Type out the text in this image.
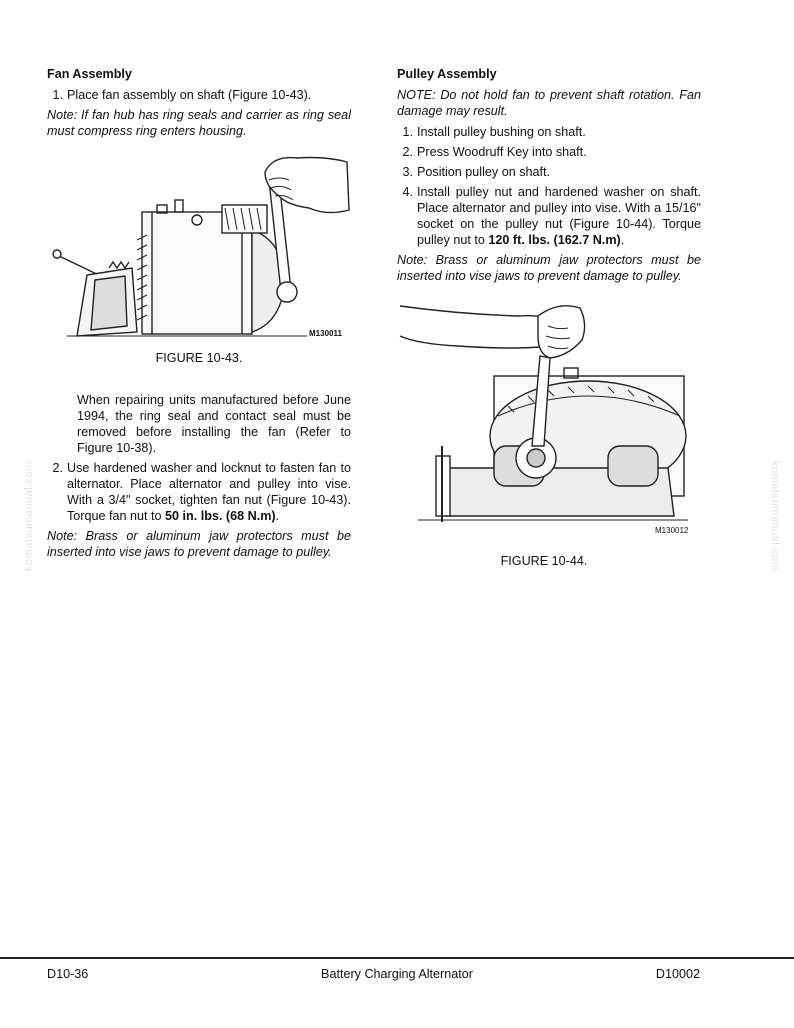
Fan Assembly
1. Place fan assembly on shaft (Figure 10-43).

Note: If fan hub has ring seals and carrier as ring seal must compress ring enters housing.

M130011
FIGURE 10-43.

When repairing units manufactured before June 1994, the ring seal and contact seal must be removed before installing the fan (Refer to Figure 10-38).

2. Use hardened washer and locknut to fasten fan to alternator. Place alternator and pulley into vise. With a 3/4" socket, tighten fan nut (Figure 10-43). Torque fan nut to 50 in. lbs. (68 N.m).

Note: Brass or aluminum jaw protectors must be inserted into vise jaws to prevent damage to pulley.

Pulley Assembly

NOTE: Do not hold fan to prevent shaft rotation. Fan damage may result.

1. Install pulley bushing on shaft.
2. Press Woodruff Key into shaft.
3. Position pulley on shaft.
4. Install pulley nut and hardened washer on shaft. Place alternator and pulley into vise. With a 15/16" socket on the pulley nut (Figure 10-44). Torque pulley nut to 120 ft. lbs. (162.7 N.m).

Note: Brass or aluminum jaw protectors must be inserted into vise jaws to prevent damage to pulley.

M130012
FIGURE 10-44.
komatsumanual.com	komatsumanual.com
D10-36	Battery Charging Alternator	D10002
